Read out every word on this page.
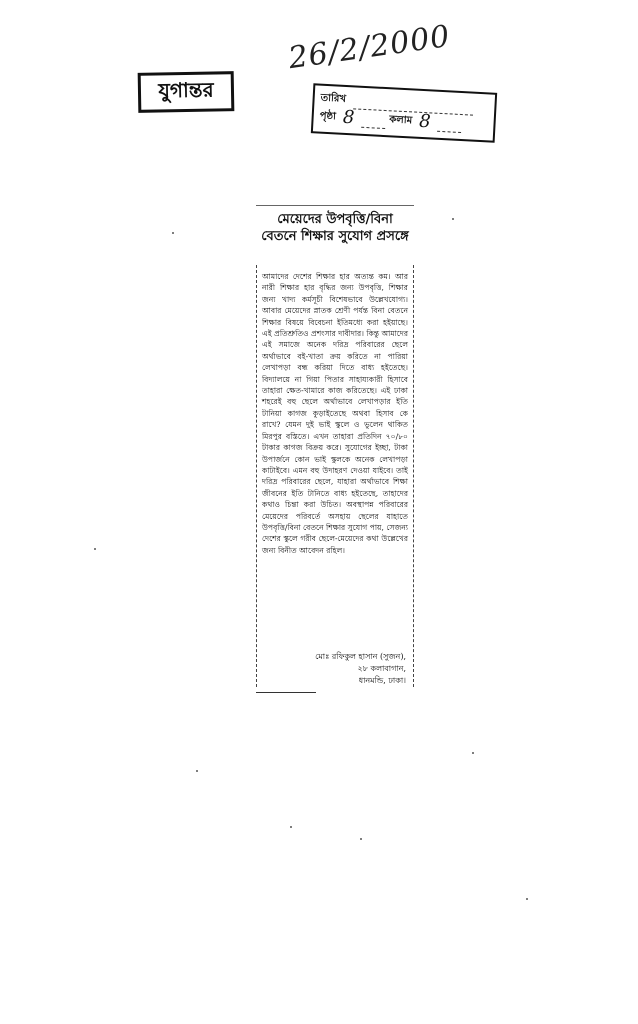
যুগান্তর
26/2/2000
তারিখ
পৃষ্ঠা 8	কলাম 8
মেয়েদের উপবৃত্তি/বিনা বেতনে শিক্ষার সুযোগ প্রসঙ্গে

আমাদের দেশের শিক্ষার হার অত্যন্ত কম। আর নারী শিক্ষার হার বৃদ্ধির জন্য উপবৃত্তি, শিক্ষার জন্য খাদ্য কর্মসূচী বিশেষভাবে উল্লেখযোগ্য। আবার মেয়েদের স্নাতক শ্রেণী পর্যন্ত বিনা বেতনে শিক্ষার বিষয়ে বিবেচনা ইতিমধ্যে করা হইয়াছে। এই প্রতিশ্রুতিও প্রশংসার দাবীদার। কিন্তু আমাদের এই সমাজে অনেক দরিদ্র পরিবারের ছেলে অর্থাভাবে বই-খাতা ক্রয় করিতে না পারিয়া লেখাপড়া বন্ধ করিয়া দিতে বাধ্য হইতেছে। বিদ্যালয়ে না গিয়া পিতার সাহায্যকারী হিসাবে তাহারা ক্ষেত-খামারে কাজ করিতেছে। এই ঢাকা শহরেই বহু ছেলে অর্থাভাবে লেখাপড়ার ইতি টানিয়া কাগজ কুড়াইতেছে অথবা হিসাব কে রাখে? যেমন দুই ভাই স্কুলে ও ভুলেন থাকিত মিরপুর বস্তিতে। এখন তাহারা প্রতিদিন ৭০/৮০ টাকার কাগজ বিক্রয় করে। সুযোগের ইচ্ছা, টাকা উপার্জনে কোন ভাই স্কুলকে অনেক লেখাপড়া কাটাইবে। এমন বহু উদাহরণ দেওয়া যাইবে। তাই দরিদ্র পরিবারের ছেলে, যাহারা অর্থাভাবে শিক্ষা জীবনের ইতি টানিতে বাধ্য হইতেছে, তাহাদের কথাও চিন্তা করা উচিত। অবস্থাপন্ন পরিবারের মেয়েদের পরিবর্তে অসহায় ছেলের যাহাতে উপবৃত্তি/বিনা বেতনে শিক্ষার সুযোগ পায়, সেজন্য দেশের স্কুলে গরীব ছেলে-মেয়েদের কথা উল্লেখের জন্য বিনীত আবেদন রহিল।

মোঃ রফিকুল হাসান (সুজন),
২৮ কলাবাগান,
ধানমন্ডি, ঢাকা।
